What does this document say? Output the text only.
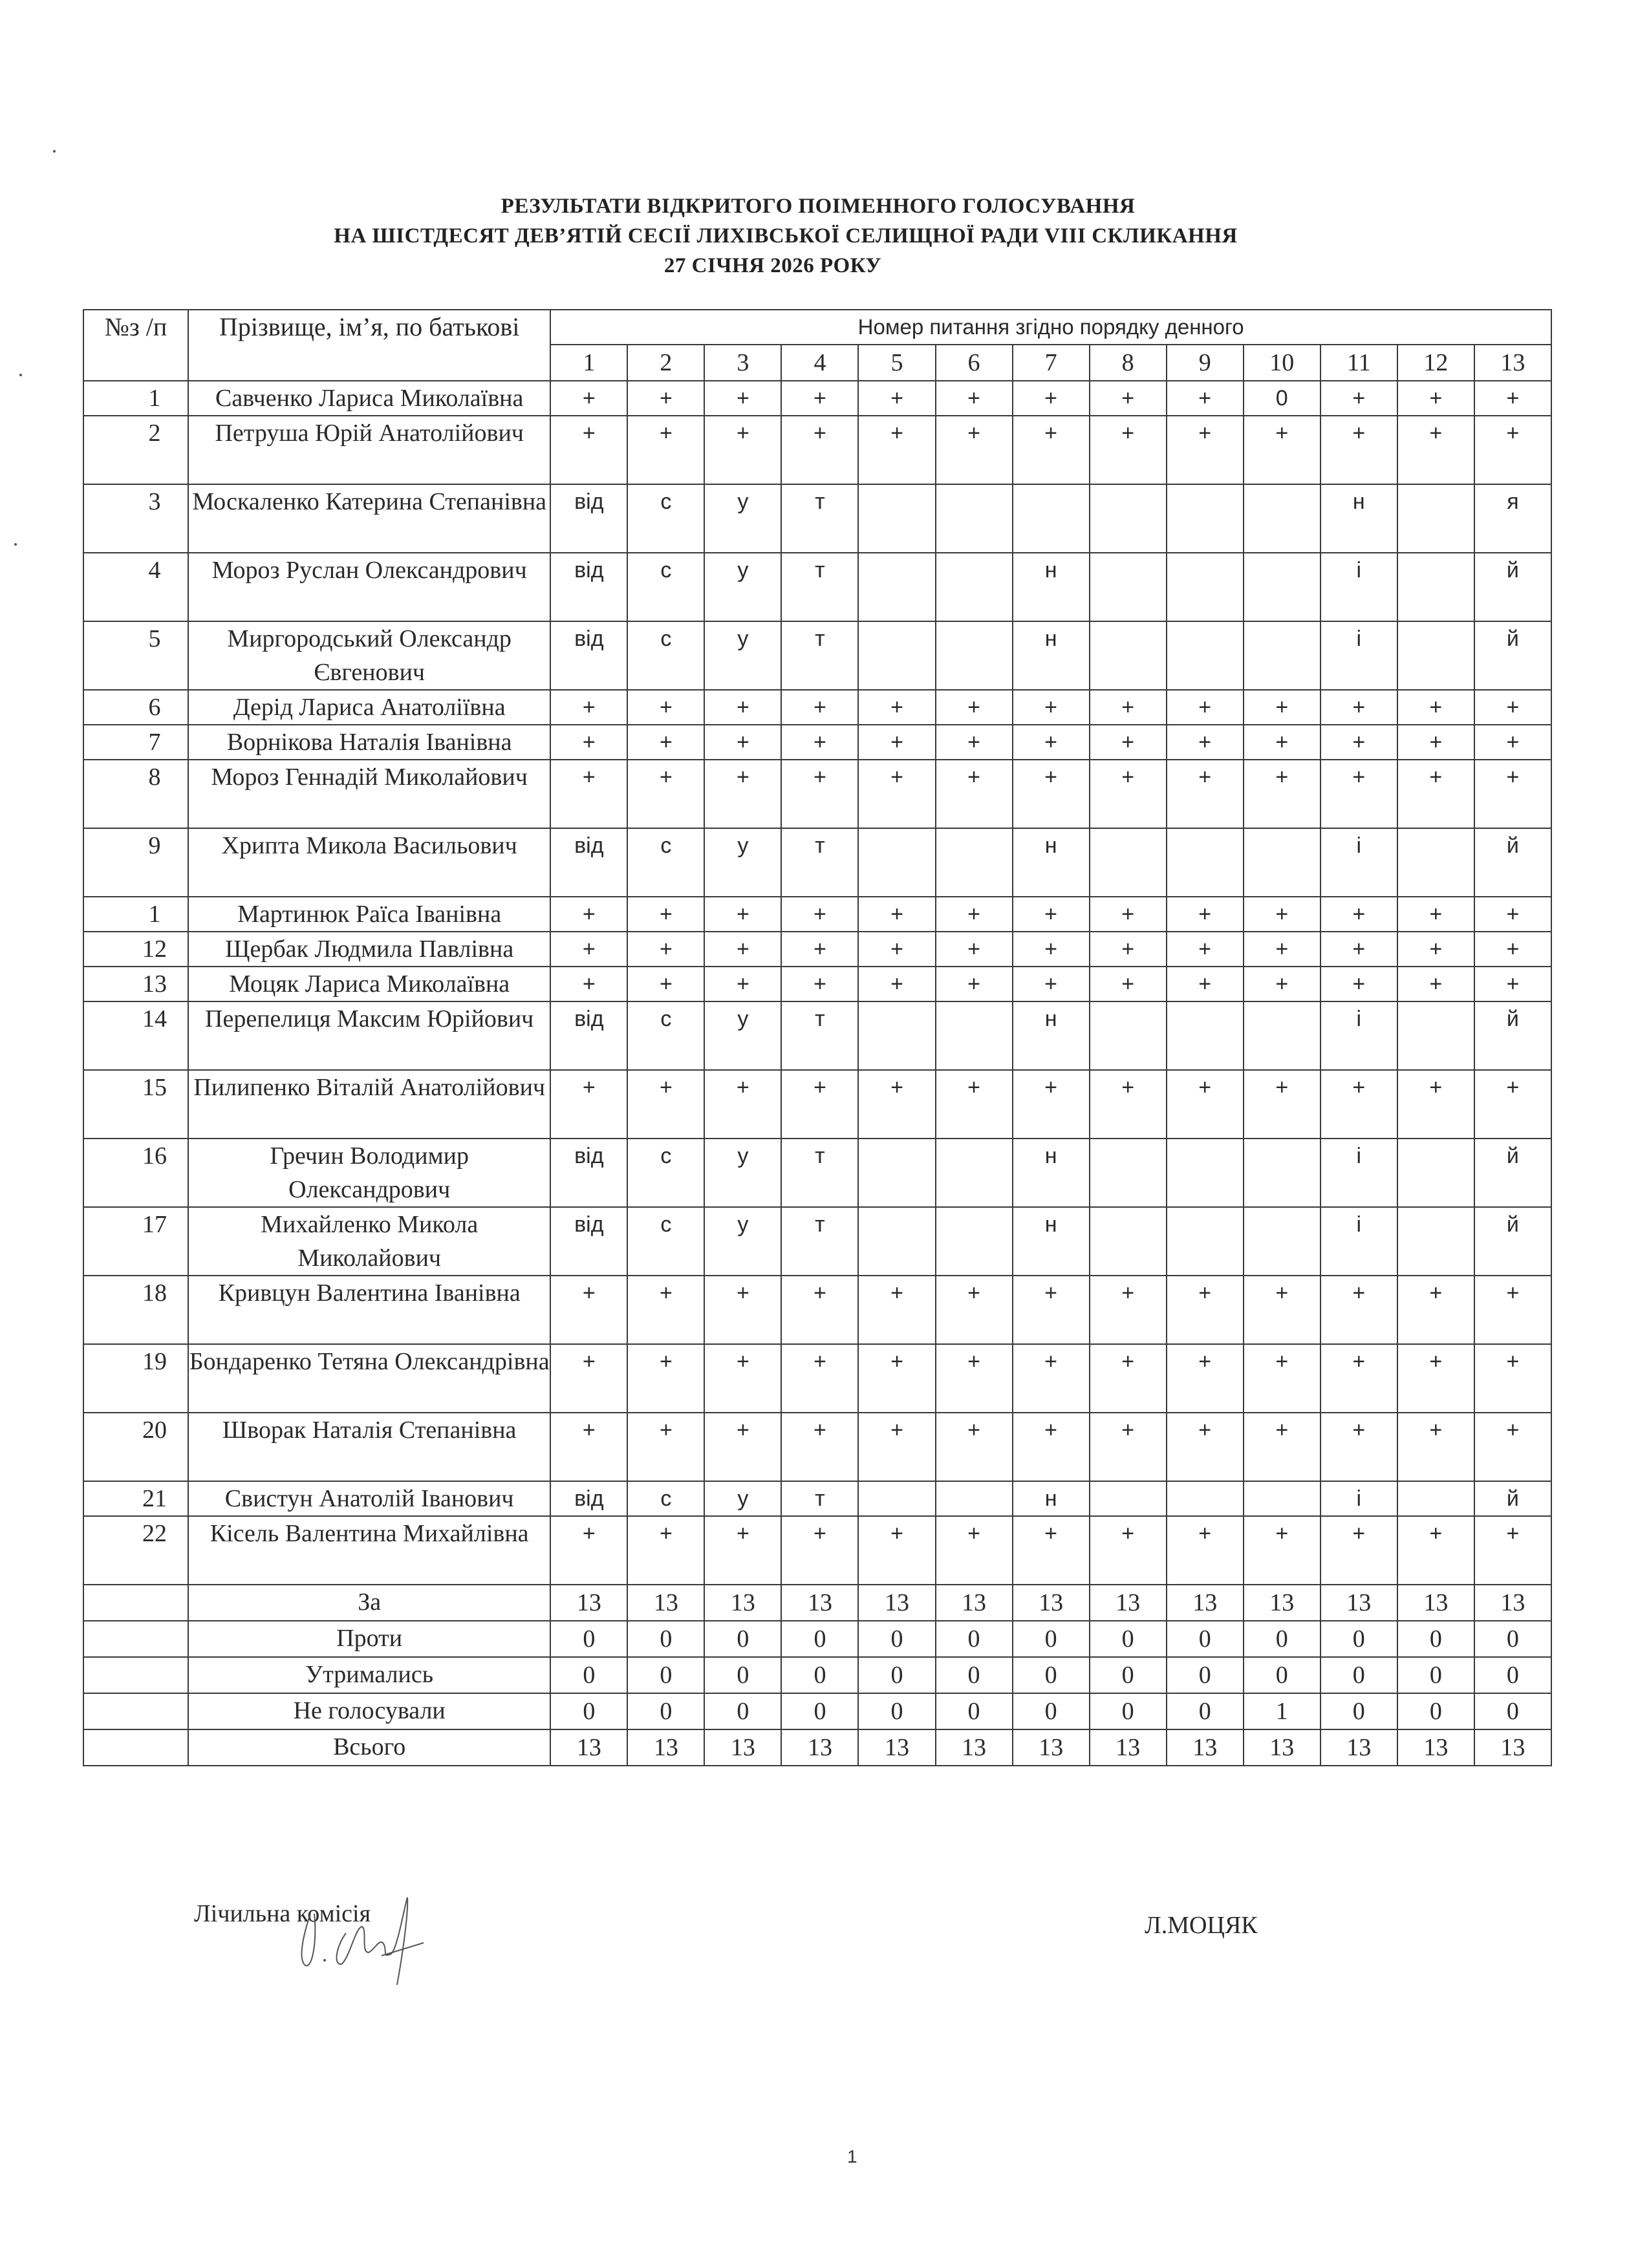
РЕЗУЛЬТАТИ ВІДКРИТОГО ПОІМЕННОГО ГОЛОСУВАННЯ
НА ШІСТДЕСЯТ ДЕВ’ЯТІЙ СЕСІЇ ЛИХІВСЬКОЇ СЕЛИЩНОЇ РАДИ VIII СКЛИКАННЯ
27 СІЧНЯ 2026 РОКУ
№з /п	Прізвище, ім’я, по батькові	Номер питання згідно порядку денного												
		1	2	3	4	5	6	7	8	9	10	11	12	13
1	Савченко Лариса Миколаївна	+	+	+	+	+	+	+	+	+	0	+	+	+
2	Петруша Юрій Анатолійович	+	+	+	+	+	+	+	+	+	+	+	+	+
3	Москаленко Катерина Степанівна	від	с	у	т							н		я
4	Мороз Руслан Олександрович	від	с	у	т			н				і		й
5	Миргородський Олександр Євгенович	від	с	у	т			н				і		й
6	Дерід Лариса Анатоліївна	+	+	+	+	+	+	+	+	+	+	+	+	+
7	Ворнікова Наталія Іванівна	+	+	+	+	+	+	+	+	+	+	+	+	+
8	Мороз Геннадій Миколайович	+	+	+	+	+	+	+	+	+	+	+	+	+
9	Хрипта Микола Васильович	від	с	у	т			н				і		й
1	Мартинюк Раїса Іванівна	+	+	+	+	+	+	+	+	+	+	+	+	+
12	Щербак Людмила Павлівна	+	+	+	+	+	+	+	+	+	+	+	+	+
13	Моцяк Лариса Миколаївна	+	+	+	+	+	+	+	+	+	+	+	+	+
14	Перепелиця Максим Юрійович	від	с	у	т			н				і		й
15	Пилипенко Віталій Анатолійович	+	+	+	+	+	+	+	+	+	+	+	+	+
16	Гречин Володимир Олександрович	від	с	у	т			н				і		й
17	Михайленко Микола Миколайович	від	с	у	т			н				і		й
18	Кривцун Валентина Іванівна	+	+	+	+	+	+	+	+	+	+	+	+	+
19	Бондаренко Тетяна Олександрівна	+	+	+	+	+	+	+	+	+	+	+	+	+
20	Шворак Наталія Степанівна	+	+	+	+	+	+	+	+	+	+	+	+	+
21	Свистун Анатолій Іванович	від	с	у	т			н				і		й
22	Кісель Валентина Михайлівна	+	+	+	+	+	+	+	+	+	+	+	+	+
	За	13	13	13	13	13	13	13	13	13	13	13	13	13
	Проти	0	0	0	0	0	0	0	0	0	0	0	0	0
	Утримались	0	0	0	0	0	0	0	0	0	0	0	0	0
	Не голосували	0	0	0	0	0	0	0	0	0	1	0	0	0
	Всього	13	13	13	13	13	13	13	13	13	13	13	13	13
Лічильна комісія	Л.МОЦЯК
1
